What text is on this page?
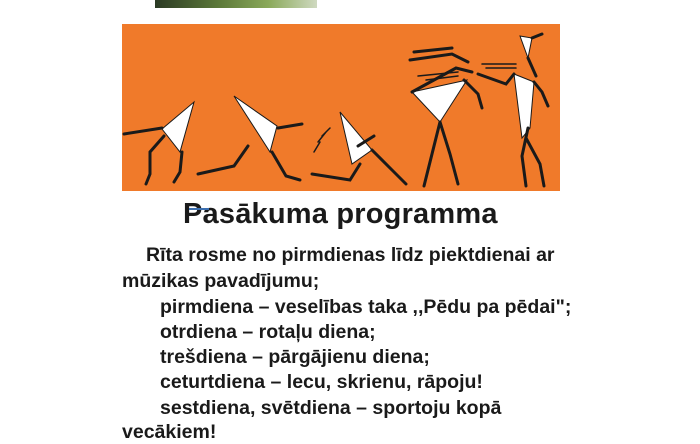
Pasākuma programma
Rīta rosme no pirmdienas līdz piektdienai ar
mūzikas pavadījumu;
pirmdiena – veselības taka ,,Pēdu pa pēdai";
otrdiena – rotaļu diena;
trešdiena – pārgājienu diena;
ceturtdiena – lecu, skrienu, rāpoju!
sestdiena, svētdiena – sportoju kopā
vecākiem!
